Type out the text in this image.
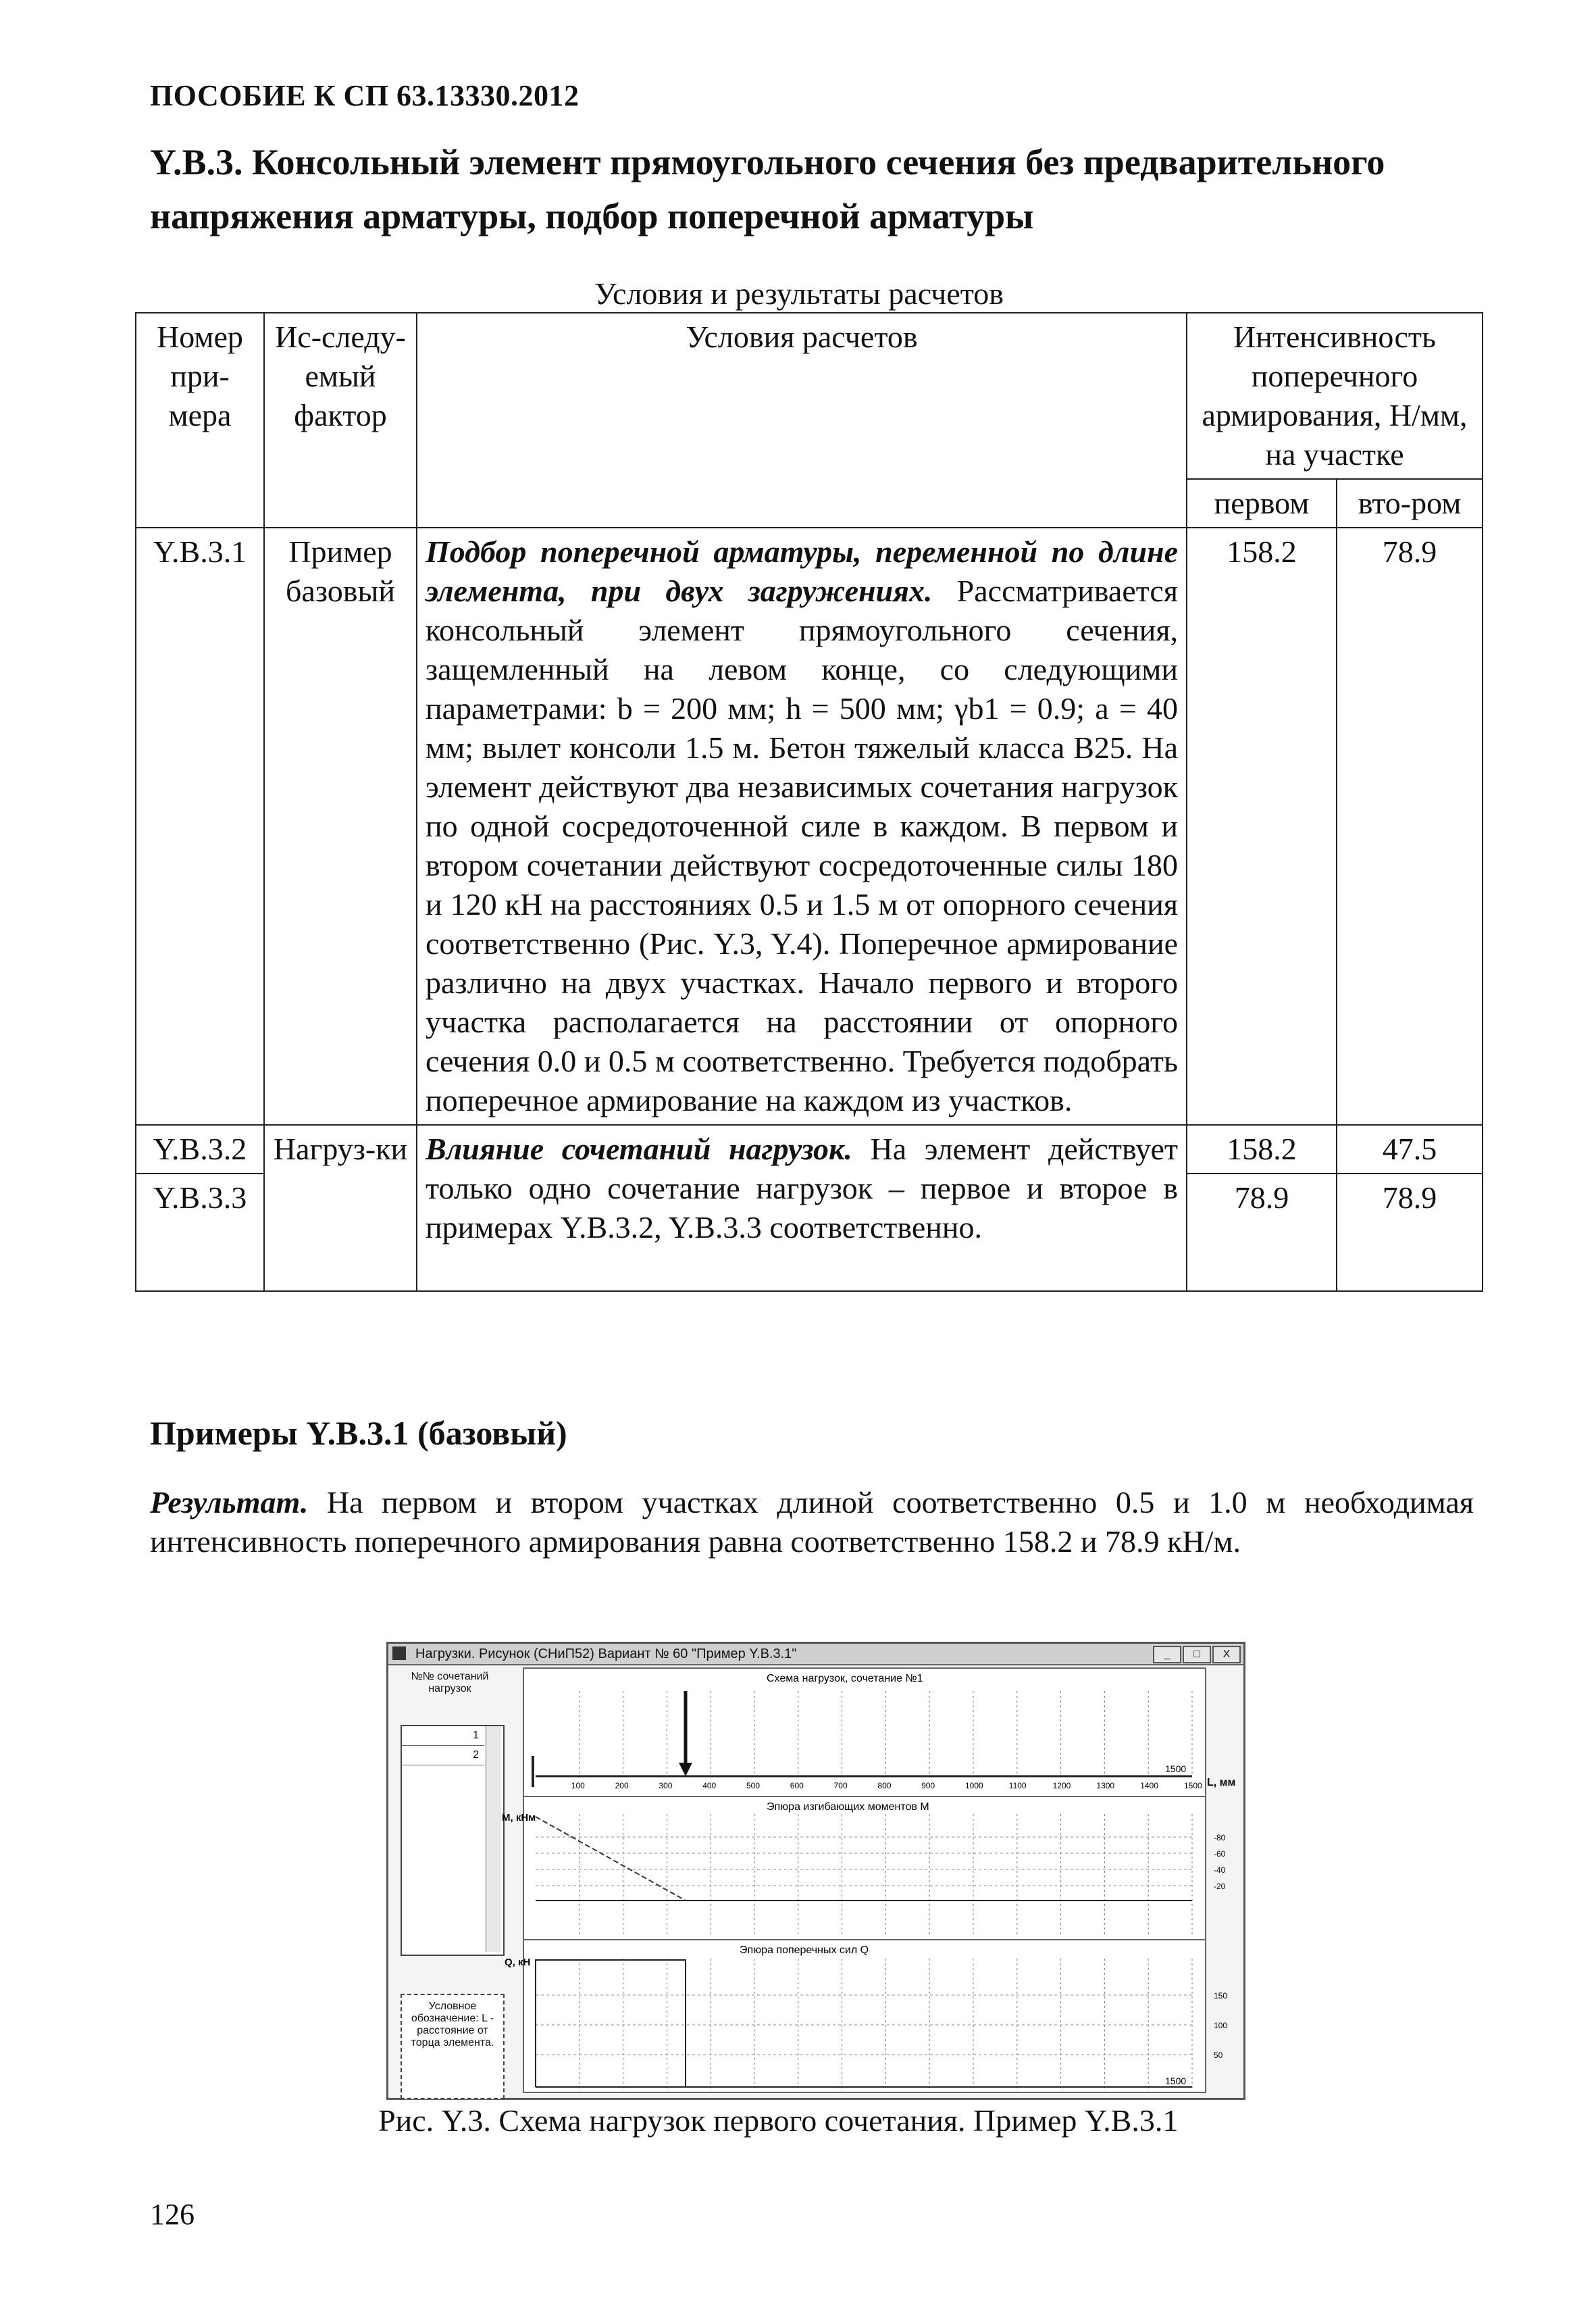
ПОСОБИЕ К СП 63.13330.2012
Y.B.3. Консольный элемент прямоугольного сечения без предварительного напряжения арматуры, подбор поперечной арматуры
Условия и результаты расчетов
Номер при-мера	Ис-следу-емый фактор	Условия расчетов	Интенсивность поперечного армирования, Н/мм, на участке	
			первом	вто-ром
Y.B.3.1	Пример базовый	Подбор поперечной арматуры, переменной по длине элемента, при двух загружениях. Рассматривается консольный элемент прямоугольного сечения, защемленный на левом конце, со следующими параметрами: b = 200 мм; h = 500 мм; γb1 = 0.9; a = 40 мм; вылет консоли 1.5 м. Бетон тяжелый класса B25. На элемент действуют два независимых сочетания нагрузок по одной сосредоточенной силе в каждом. В первом и втором сочетании действуют сосредоточенные силы 180 и 120 кН на расстояниях 0.5 и 1.5 м от опорного сечения соответственно (Рис. Y.3, Y.4). Поперечное армирование различно на двух участках. Начало первого и второго участка располагается на расстоянии от опорного сечения 0.0 и 0.5 м соответственно. Требуется подобрать поперечное армирование на каждом из участков.	158.2	78.9
Y.B.3.2	Нагруз-ки	Влияние сочетаний нагрузок. На элемент действует только одно сочетание нагрузок – первое и второе в примерах Y.B.3.2, Y.B.3.3 соответственно.	158.2	47.5
Y.B.3.3			78.9	78.9
Примеры Y.B.3.1 (базовый)
Результат. На первом и втором участках длиной соответственно 0.5 и 1.0 м необходимая интенсивность поперечного армирования равна соответственно 158.2 и 78.9 кН/м.
Нагрузки. Рисунок (СНиП52) Вариант № 60 "Пример Y.B.3.1"	_	□	X
№№ сочетаний нагрузок
1
2
Условное обозначение: L - расстояние от торца элемента.
Схема нагрузок, сочетание №1
1500
L, мм
100	200	300	400	500	600	700	800	900	1000	1100	1200	1300	1400	1500
Эпюра изгибающих моментов M
M, кНм
-80
-60
-40
-20
Эпюра поперечных сил Q
Q, кН
150
100
50
1500
Рис. Y.3. Схема нагрузок первого сочетания. Пример Y.B.3.1
126
